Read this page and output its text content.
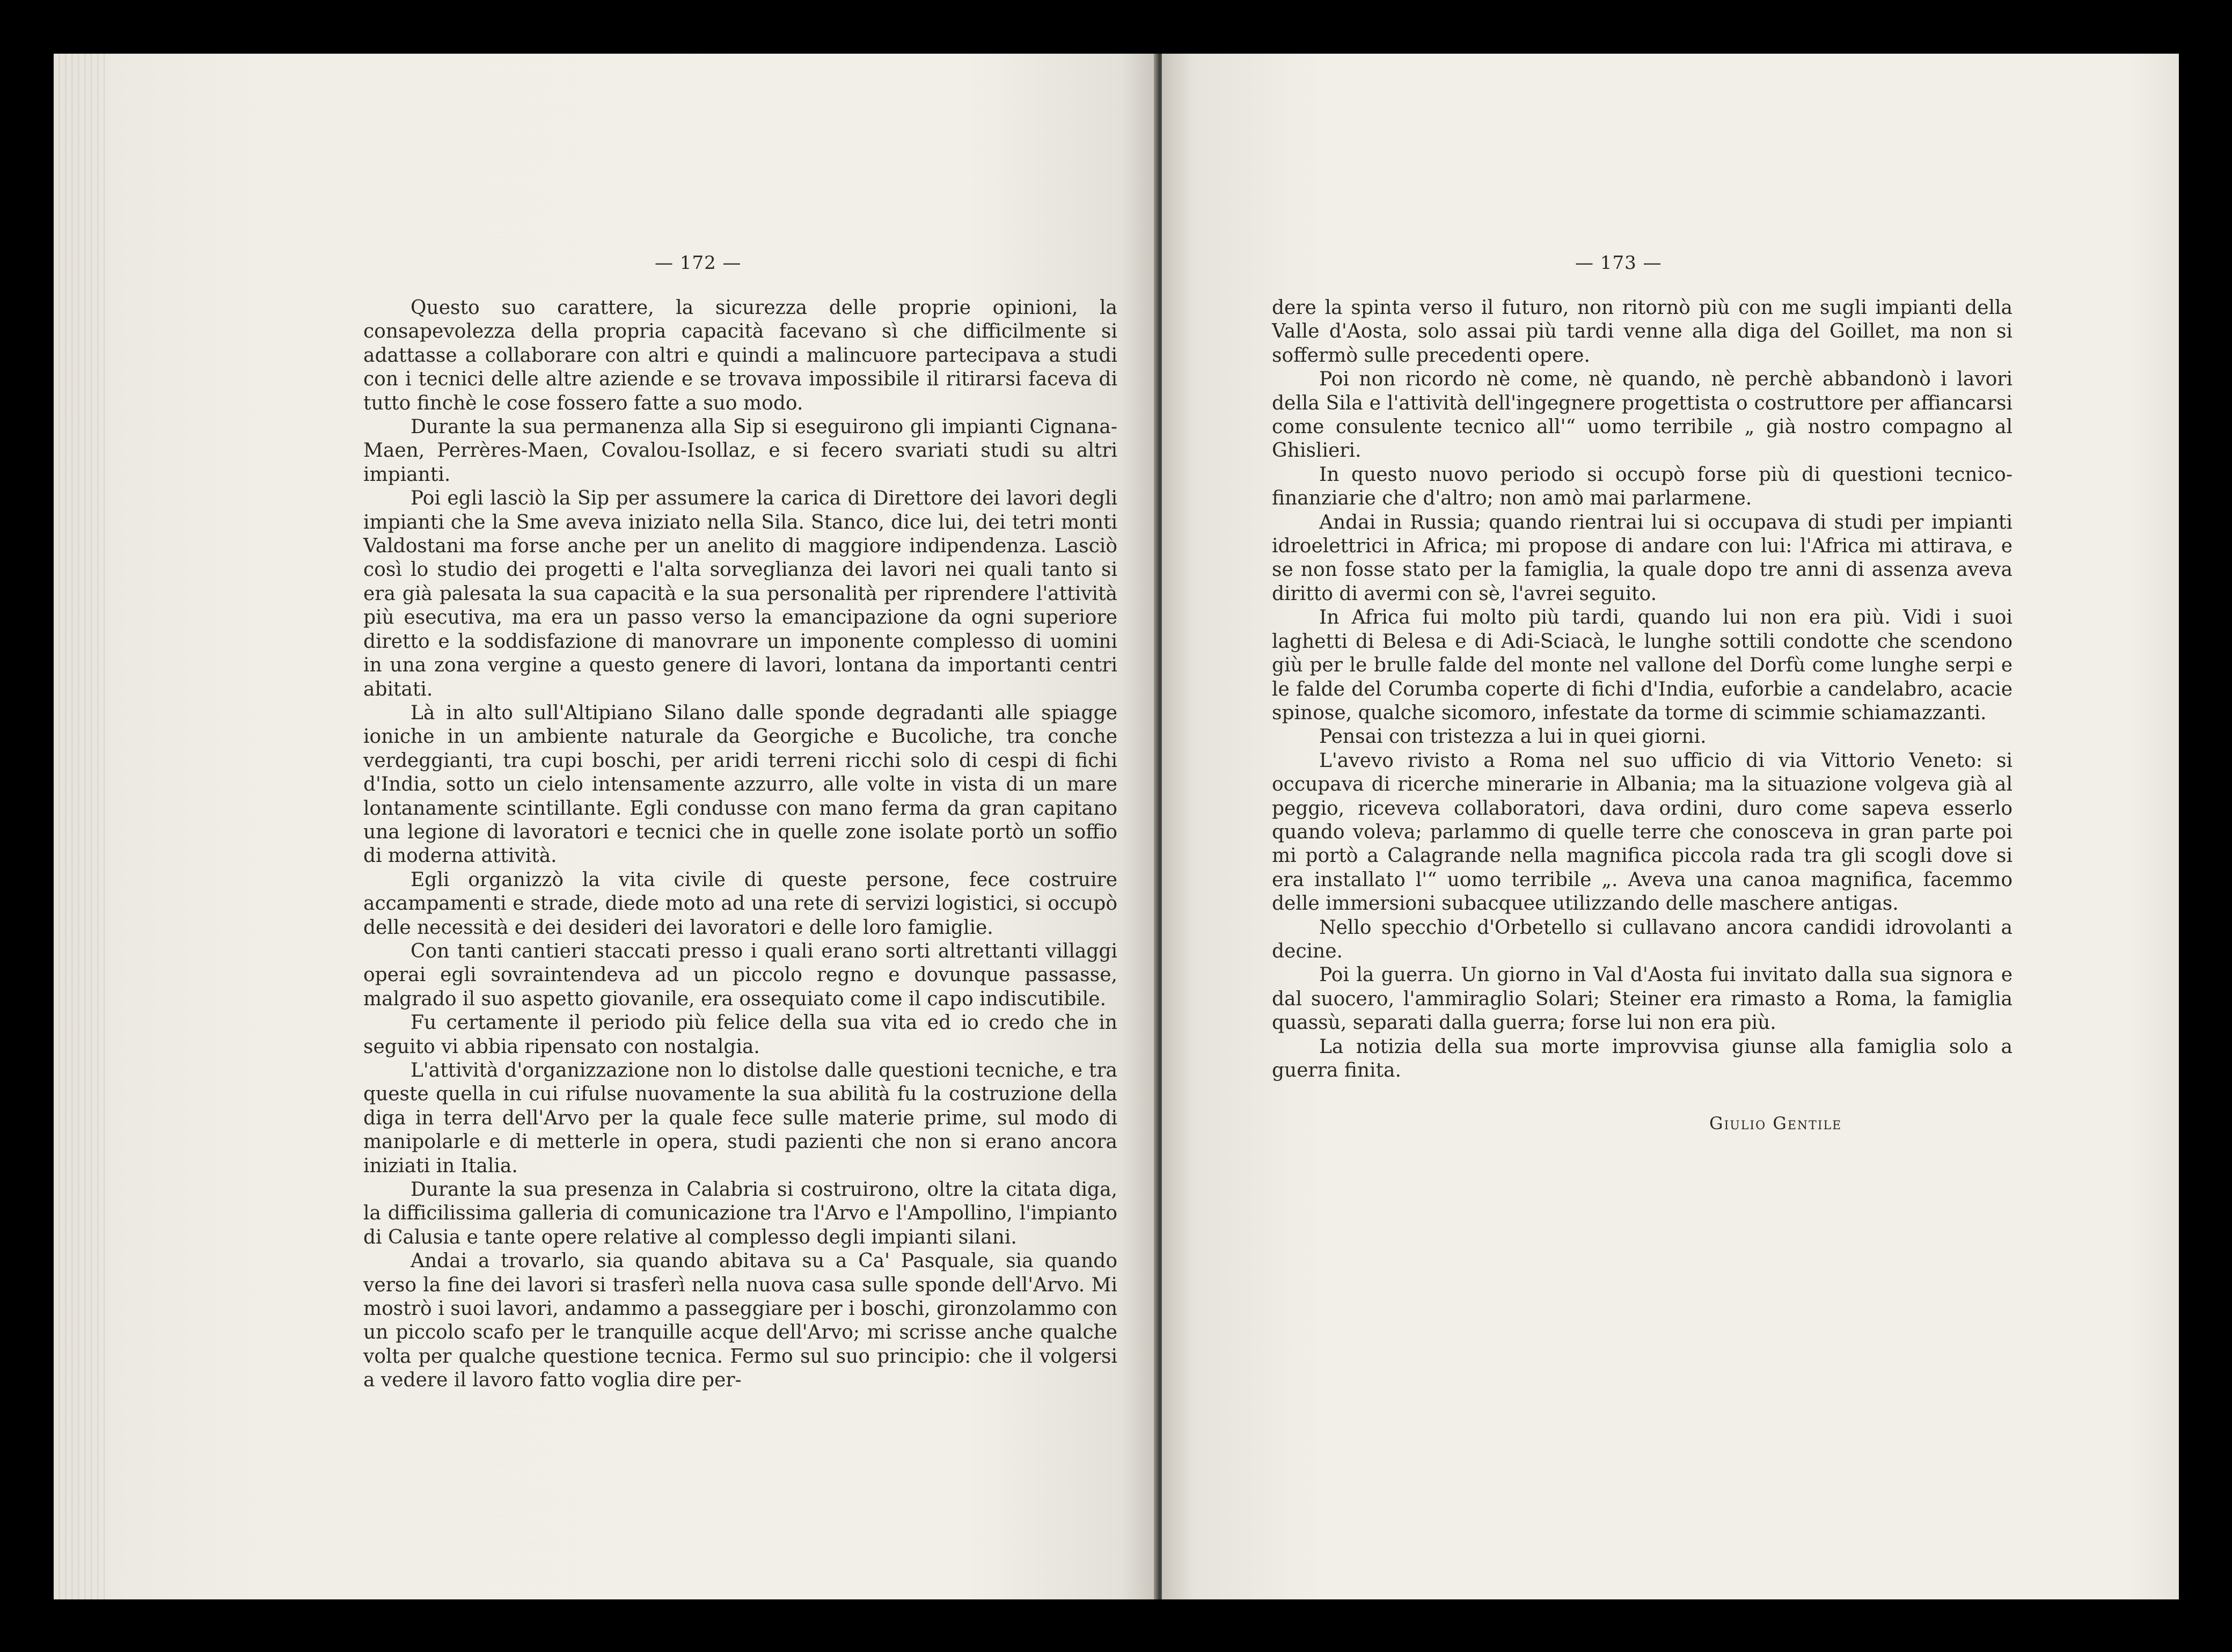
— 172 —

Questo suo carattere, la sicurezza delle proprie opinioni, la consapevolezza della propria capacità facevano sì che difficilmente si adattasse a collaborare con altri e quindi a malincuore partecipava a studi con i tecnici delle altre aziende e se trovava impossibile il ritirarsi faceva di tutto finchè le cose fossero fatte a suo modo.

Durante la sua permanenza alla Sip si eseguirono gli impianti Cignana-Maen, Perrères-Maen, Covalou-Isollaz, e si fecero svariati studi su altri impianti.

Poi egli lasciò la Sip per assumere la carica di Direttore dei lavori degli impianti che la Sme aveva iniziato nella Sila. Stanco, dice lui, dei tetri monti Valdostani ma forse anche per un anelito di maggiore indipendenza. Lasciò così lo studio dei progetti e l'alta sorveglianza dei lavori nei quali tanto si era già palesata la sua capacità e la sua personalità per riprendere l'attività più esecutiva, ma era un passo verso la emancipazione da ogni superiore diretto e la soddisfazione di manovrare un imponente complesso di uomini in una zona vergine a questo genere di lavori, lontana da importanti centri abitati.

Là in alto sull'Altipiano Silano dalle sponde degradanti alle spiagge ioniche in un ambiente naturale da Georgiche e Bucoliche, tra conche verdeggianti, tra cupi boschi, per aridi terreni ricchi solo di cespi di fichi d'India, sotto un cielo intensamente azzurro, alle volte in vista di un mare lontanamente scintillante. Egli condusse con mano ferma da gran capitano una legione di lavoratori e tecnici che in quelle zone isolate portò un soffio di moderna attività.

Egli organizzò la vita civile di queste persone, fece costruire accampamenti e strade, diede moto ad una rete di servizi logistici, si occupò delle necessità e dei desideri dei lavoratori e delle loro famiglie.

Con tanti cantieri staccati presso i quali erano sorti altrettanti villaggi operai egli sovraintendeva ad un piccolo regno e dovunque passasse, malgrado il suo aspetto giovanile, era ossequiato come il capo indiscutibile.

Fu certamente il periodo più felice della sua vita ed io credo che in seguito vi abbia ripensato con nostalgia.

L'attività d'organizzazione non lo distolse dalle questioni tecniche, e tra queste quella in cui rifulse nuovamente la sua abilità fu la costruzione della diga in terra dell'Arvo per la quale fece sulle materie prime, sul modo di manipolarle e di metterle in opera, studi pazienti che non si erano ancora iniziati in Italia.

Durante la sua presenza in Calabria si costruirono, oltre la citata diga, la difficilissima galleria di comunicazione tra l'Arvo e l'Ampollino, l'impianto di Calusia e tante opere relative al complesso degli impianti silani.

Andai a trovarlo, sia quando abitava su a Ca' Pasquale, sia quando verso la fine dei lavori si trasferì nella nuova casa sulle sponde dell'Arvo. Mi mostrò i suoi lavori, andammo a passeggiare per i boschi, gironzolammo con un piccolo scafo per le tranquille acque dell'Arvo; mi scrisse anche qualche volta per qualche questione tecnica. Fermo sul suo principio: che il volgersi a vedere il lavoro fatto voglia dire per-

— 173 —

dere la spinta verso il futuro, non ritornò più con me sugli impianti della Valle d'Aosta, solo assai più tardi venne alla diga del Goillet, ma non si soffermò sulle precedenti opere.

Poi non ricordo nè come, nè quando, nè perchè abbandonò i lavori della Sila e l'attività dell'ingegnere progettista o costruttore per affiancarsi come consulente tecnico all'“ uomo terribile „ già nostro compagno al Ghislieri.

In questo nuovo periodo si occupò forse più di questioni tecnico-finanziarie che d'altro; non amò mai parlarmene.

Andai in Russia; quando rientrai lui si occupava di studi per impianti idroelettrici in Africa; mi propose di andare con lui: l'Africa mi attirava, e se non fosse stato per la famiglia, la quale dopo tre anni di assenza aveva diritto di avermi con sè, l'avrei seguito.

In Africa fui molto più tardi, quando lui non era più. Vidi i suoi laghetti di Belesa e di Adi-Sciacà, le lunghe sottili condotte che scendono giù per le brulle falde del monte nel vallone del Dorfù come lunghe serpi e le falde del Corumba coperte di fichi d'India, euforbie a candelabro, acacie spinose, qualche sicomoro, infestate da torme di scimmie schiamazzanti.

Pensai con tristezza a lui in quei giorni.

L'avevo rivisto a Roma nel suo ufficio di via Vittorio Veneto: si occupava di ricerche minerarie in Albania; ma la situazione volgeva già al peggio, riceveva collaboratori, dava ordini, duro come sapeva esserlo quando voleva; parlammo di quelle terre che conosceva in gran parte poi mi portò a Calagrande nella magnifica piccola rada tra gli scogli dove si era installato l'“ uomo terribile „. Aveva una canoa magnifica, facemmo delle immersioni subacquee utilizzando delle maschere antigas.

Nello specchio d'Orbetello si cullavano ancora candidi idrovolanti a decine.

Poi la guerra. Un giorno in Val d'Aosta fui invitato dalla sua signora e dal suocero, l'ammiraglio Solari; Steiner era rimasto a Roma, la famiglia quassù, separati dalla guerra; forse lui non era più.

La notizia della sua morte improvvisa giunse alla famiglia solo a guerra finita.

Giulio Gentile
